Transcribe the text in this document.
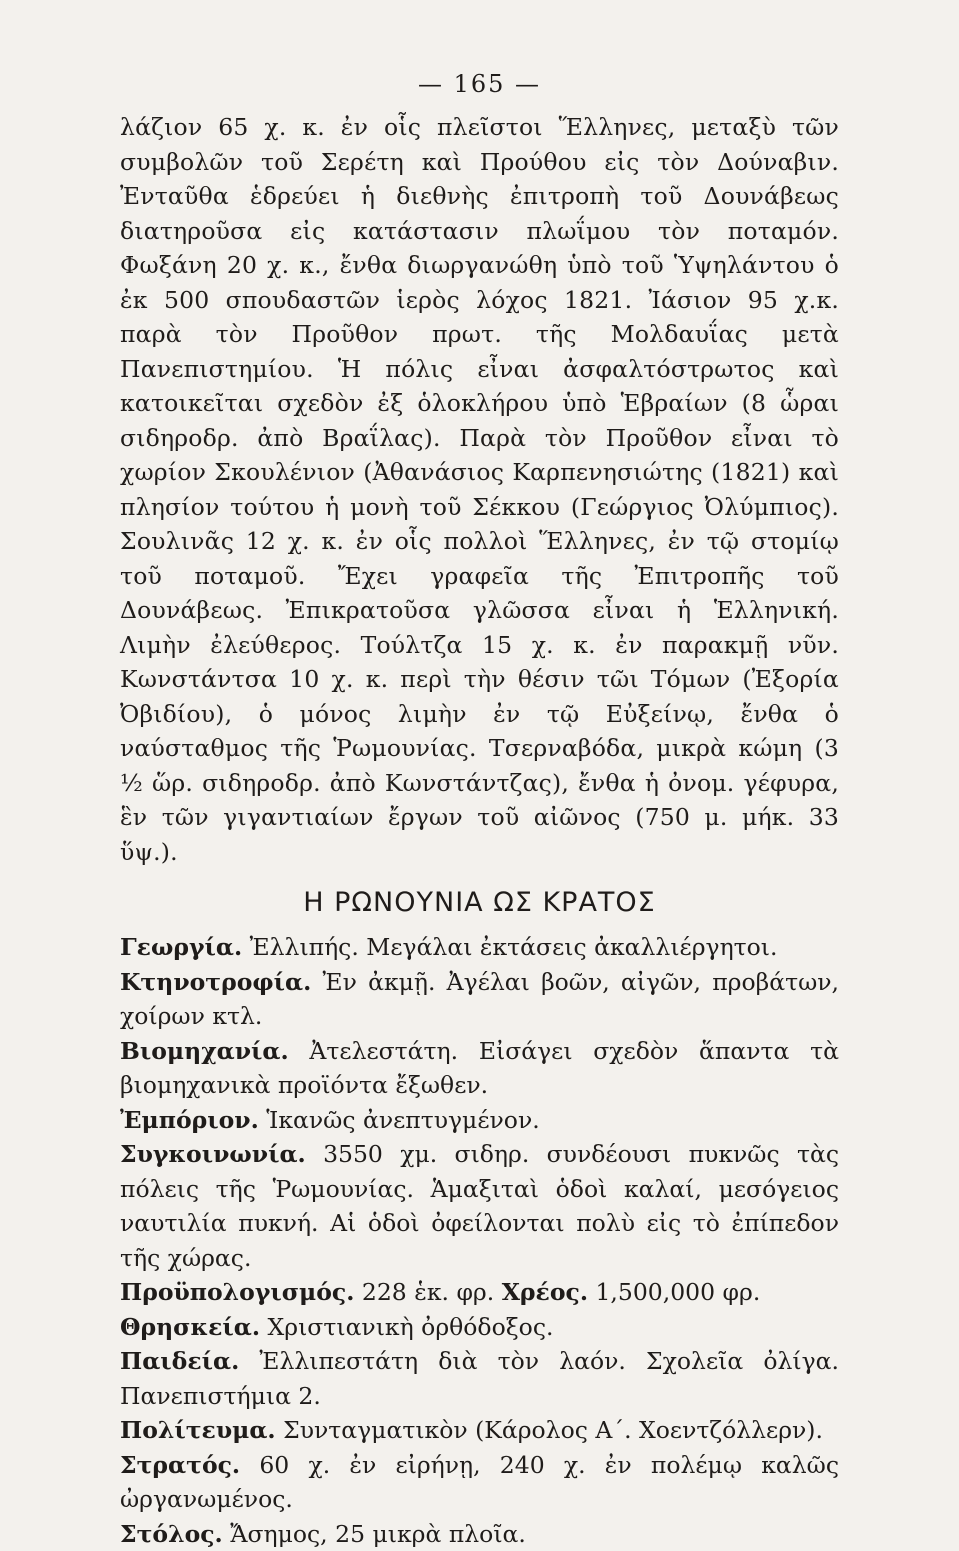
— 165 —

λάζιον 65 χ. κ. ἐν οἷς πλεῖστοι Ἕλληνες, μεταξὺ τῶν συμβολῶν τοῦ Σερέτη καὶ Προύθου εἰς τὸν Δούναβιν. Ἐνταῦθα ἑδρεύει ἡ διεθνὴς ἐπιτροπὴ τοῦ Δουνάβεως διατηροῦσα εἰς κατάστασιν πλωΐμου τὸν ποταμόν. Φωξάνη 20 χ. κ., ἔνθα διωργανώθη ὑπὸ τοῦ Ὑψηλάντου ὁ ἐκ 500 σπουδαστῶν ἱερὸς λόχος 1821. Ἰάσιον 95 χ.κ. παρὰ τὸν Προῦθον πρωτ. τῆς Μολδαυΐας μετὰ Πανεπιστημίου. Ἡ πόλις εἶναι ἀσφαλτόστρωτος καὶ κατοικεῖται σχεδὸν ἐξ ὁλοκλήρου ὑπὸ Ἑβραίων (8 ὧραι σιδηροδρ. ἀπὸ Βραΐλας). Παρὰ τὸν Προῦθον εἶναι τὸ χωρίον Σκουλένιον (Ἀθανάσιος Καρπενησιώτης (1821) καὶ πλησίον τούτου ἡ μονὴ τοῦ Σέκκου (Γεώργιος Ὀλύμπιος). Σουλινᾶς 12 χ. κ. ἐν οἷς πολλοὶ Ἕλληνες, ἐν τῷ στομίῳ τοῦ ποταμοῦ. Ἔχει γραφεῖα τῆς Ἐπιτροπῆς τοῦ Δουνάβεως. Ἐπικρατοῦσα γλῶσσα εἶναι ἡ Ἑλληνική. Λιμὴν ἐλεύθερος. Τούλτζα 15 χ. κ. ἐν παρακμῇ νῦν. Κωνστάντσα 10 χ. κ. περὶ τὴν θέσιν τῶι Τόμων (Ἐξορία Ὀβιδίου), ὁ μόνος λιμὴν ἐν τῷ Εὐξείνῳ, ἔνθα ὁ ναύσταθμος τῆς Ῥωμουνίας. Τσερναβόδα, μικρὰ κώμη (3 ½ ὥρ. σιδηροδρ. ἀπὸ Κωνστάντζας), ἔνθα ἡ ὀνομ. γέφυρα, ἓν τῶν γιγαντιαίων ἔργων τοῦ αἰῶνος (750 μ. μήκ. 33 ὕψ.).

Η ΡΩΝΟΥΝΙΑ ΩΣ ΚΡΑΤΟΣ

Γεωργία. Ἐλλιπής. Μεγάλαι ἐκτάσεις ἀκαλλιέργητοι.

Κτηνοτροφία. Ἐν ἀκμῇ. Ἀγέλαι βοῶν, αἰγῶν, προβάτων, χοίρων κτλ.

Βιομηχανία. Ἀτελεστάτη. Εἰσάγει σχεδὸν ἅπαντα τὰ βιομηχανικὰ προϊόντα ἔξωθεν.

Ἐμπόριον. Ἱκανῶς ἀνεπτυγμένον.

Συγκοινωνία. 3550 χμ. σιδηρ. συνδέουσι πυκνῶς τὰς πόλεις τῆς Ῥωμουνίας. Ἁμαξιταὶ ὁδοὶ καλαί, μεσόγειος ναυτιλία πυκνή. Αἱ ὁδοὶ ὀφείλονται πολὺ εἰς τὸ ἐπίπεδον τῆς χώρας.

Προϋπολογισμός. 228 ἑκ. φρ. Χρέος. 1,500,000 φρ.

Θρησκεία. Χριστιανικὴ ὀρθόδοξος.

Παιδεία. Ἐλλιπεστάτη διὰ τὸν λαόν. Σχολεῖα ὀλίγα. Πανεπιστήμια 2.

Πολίτευμα. Συνταγματικὸν (Κάρολος Α΄. Χοεντζόλλερν).

Στρατός. 60 χ. ἐν εἰρήνῃ, 240 χ. ἐν πολέμῳ καλῶς ὠργανωμένος.

Στόλος. Ἄσημος, 25 μικρὰ πλοῖα.
